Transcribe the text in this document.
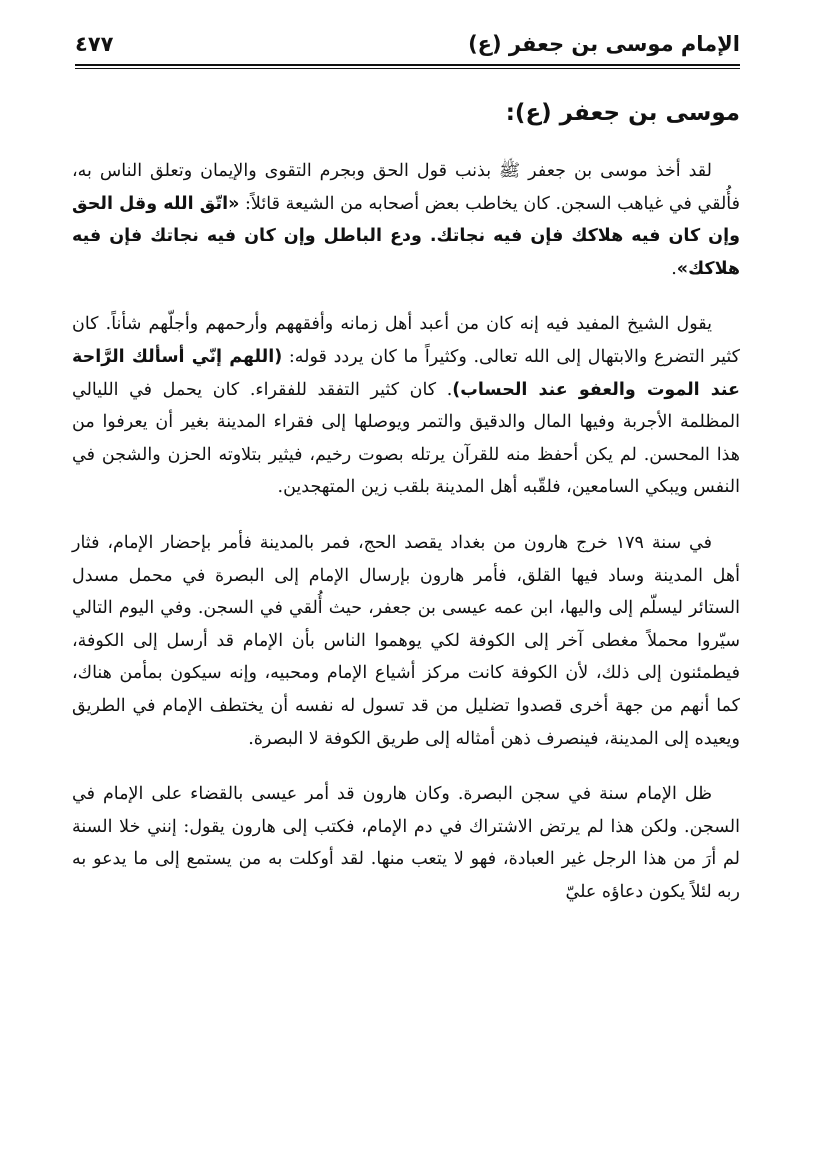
الإمام موسى بن جعفر (ع)
٤٧٧
موسى بن جعفر (ع):

لقد أخذ موسى بن جعفر ﷺ بذنب قول الحق وبجرم التقوى والإيمان وتعلق الناس به، فأُلقي في غياهب السجن. كان يخاطب بعض أصحابه من الشيعة قائلاً: «اتّق الله وقل الحق وإن كان فيه هلاكك فإن فيه نجاتك. ودع الباطل وإن كان فيه نجاتك فإن فيه هلاكك».

يقول الشيخ المفيد فيه إنه كان من أعبد أهل زمانه وأفقههم وأرحمهم وأجلّهم شأناً. كان كثير التضرع والابتهال إلى الله تعالى. وكثيراً ما كان يردد قوله: (اللهم إنّي أسألك الرَّاحة عند الموت والعفو عند الحساب). كان كثير التفقد للفقراء. كان يحمل في الليالي المظلمة الأجربة وفيها المال والدقيق والتمر ويوصلها إلى فقراء المدينة بغير أن يعرفوا من هذا المحسن. لم يكن أحفظ منه للقرآن يرتله بصوت رخيم، فيثير بتلاوته الحزن والشجن في النفس ويبكي السامعين، فلقّبه أهل المدينة بلقب زين المتهجدين.

في سنة ١٧٩ خرج هارون من بغداد يقصد الحج، فمر بالمدينة فأمر بإحضار الإمام، فثار أهل المدينة وساد فيها القلق، فأمر هارون بإرسال الإمام إلى البصرة في محمل مسدل الستائر ليسلّم إلى واليها، ابن عمه عيسى بن جعفر، حيث أُلقي في السجن. وفي اليوم التالي سيّروا محملاً مغطى آخر إلى الكوفة لكي يوهموا الناس بأن الإمام قد أرسل إلى الكوفة، فيطمئنون إلى ذلك، لأن الكوفة كانت مركز أشياع الإمام ومحبيه، وإنه سيكون بمأمن هناك، كما أنهم من جهة أخرى قصدوا تضليل من قد تسول له نفسه أن يختطف الإمام في الطريق ويعيده إلى المدينة، فينصرف ذهن أمثاله إلى طريق الكوفة لا البصرة.

ظل الإمام سنة في سجن البصرة. وكان هارون قد أمر عيسى بالقضاء على الإمام في السجن. ولكن هذا لم يرتض الاشتراك في دم الإمام، فكتب إلى هارون يقول: إنني خلا السنة لم أرَ من هذا الرجل غير العبادة، فهو لا يتعب منها. لقد أوكلت به من يستمع إلى ما يدعو به ربه لئلاً يكون دعاؤه عليّ
